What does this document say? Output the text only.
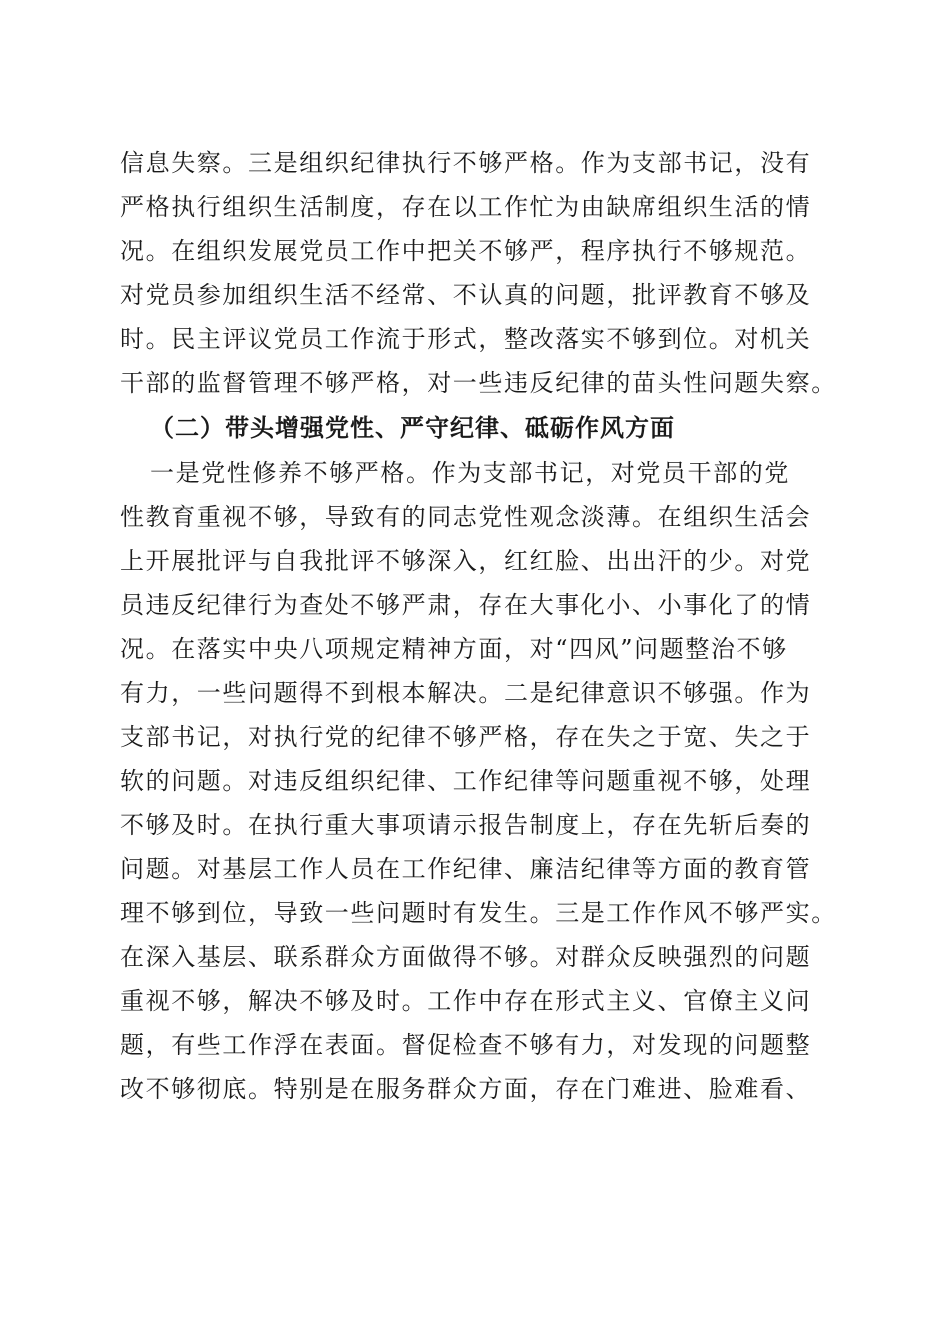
信息失察。三是组织纪律执行不够严格。作为支部书记，没有
严格执行组织生活制度，存在以工作忙为由缺席组织生活的情
况。在组织发展党员工作中把关不够严，程序执行不够规范。
对党员参加组织生活不经常、不认真的问题，批评教育不够及
时。民主评议党员工作流于形式，整改落实不够到位。对机关
干部的监督管理不够严格，对一些违反纪律的苗头性问题失察。
（二）带头增强党性、严守纪律、砥砺作风方面
一是党性修养不够严格。作为支部书记，对党员干部的党
性教育重视不够，导致有的同志党性观念淡薄。在组织生活会
上开展批评与自我批评不够深入，红红脸、出出汗的少。对党
员违反纪律行为查处不够严肃，存在大事化小、小事化了的情
况。在落实中央八项规定精神方面，对“四风”问题整治不够
有力，一些问题得不到根本解决。二是纪律意识不够强。作为
支部书记，对执行党的纪律不够严格，存在失之于宽、失之于
软的问题。对违反组织纪律、工作纪律等问题重视不够，处理
不够及时。在执行重大事项请示报告制度上，存在先斩后奏的
问题。对基层工作人员在工作纪律、廉洁纪律等方面的教育管
理不够到位，导致一些问题时有发生。三是工作作风不够严实。
在深入基层、联系群众方面做得不够。对群众反映强烈的问题
重视不够，解决不够及时。工作中存在形式主义、官僚主义问
题，有些工作浮在表面。督促检查不够有力，对发现的问题整
改不够彻底。特别是在服务群众方面，存在门难进、脸难看、
